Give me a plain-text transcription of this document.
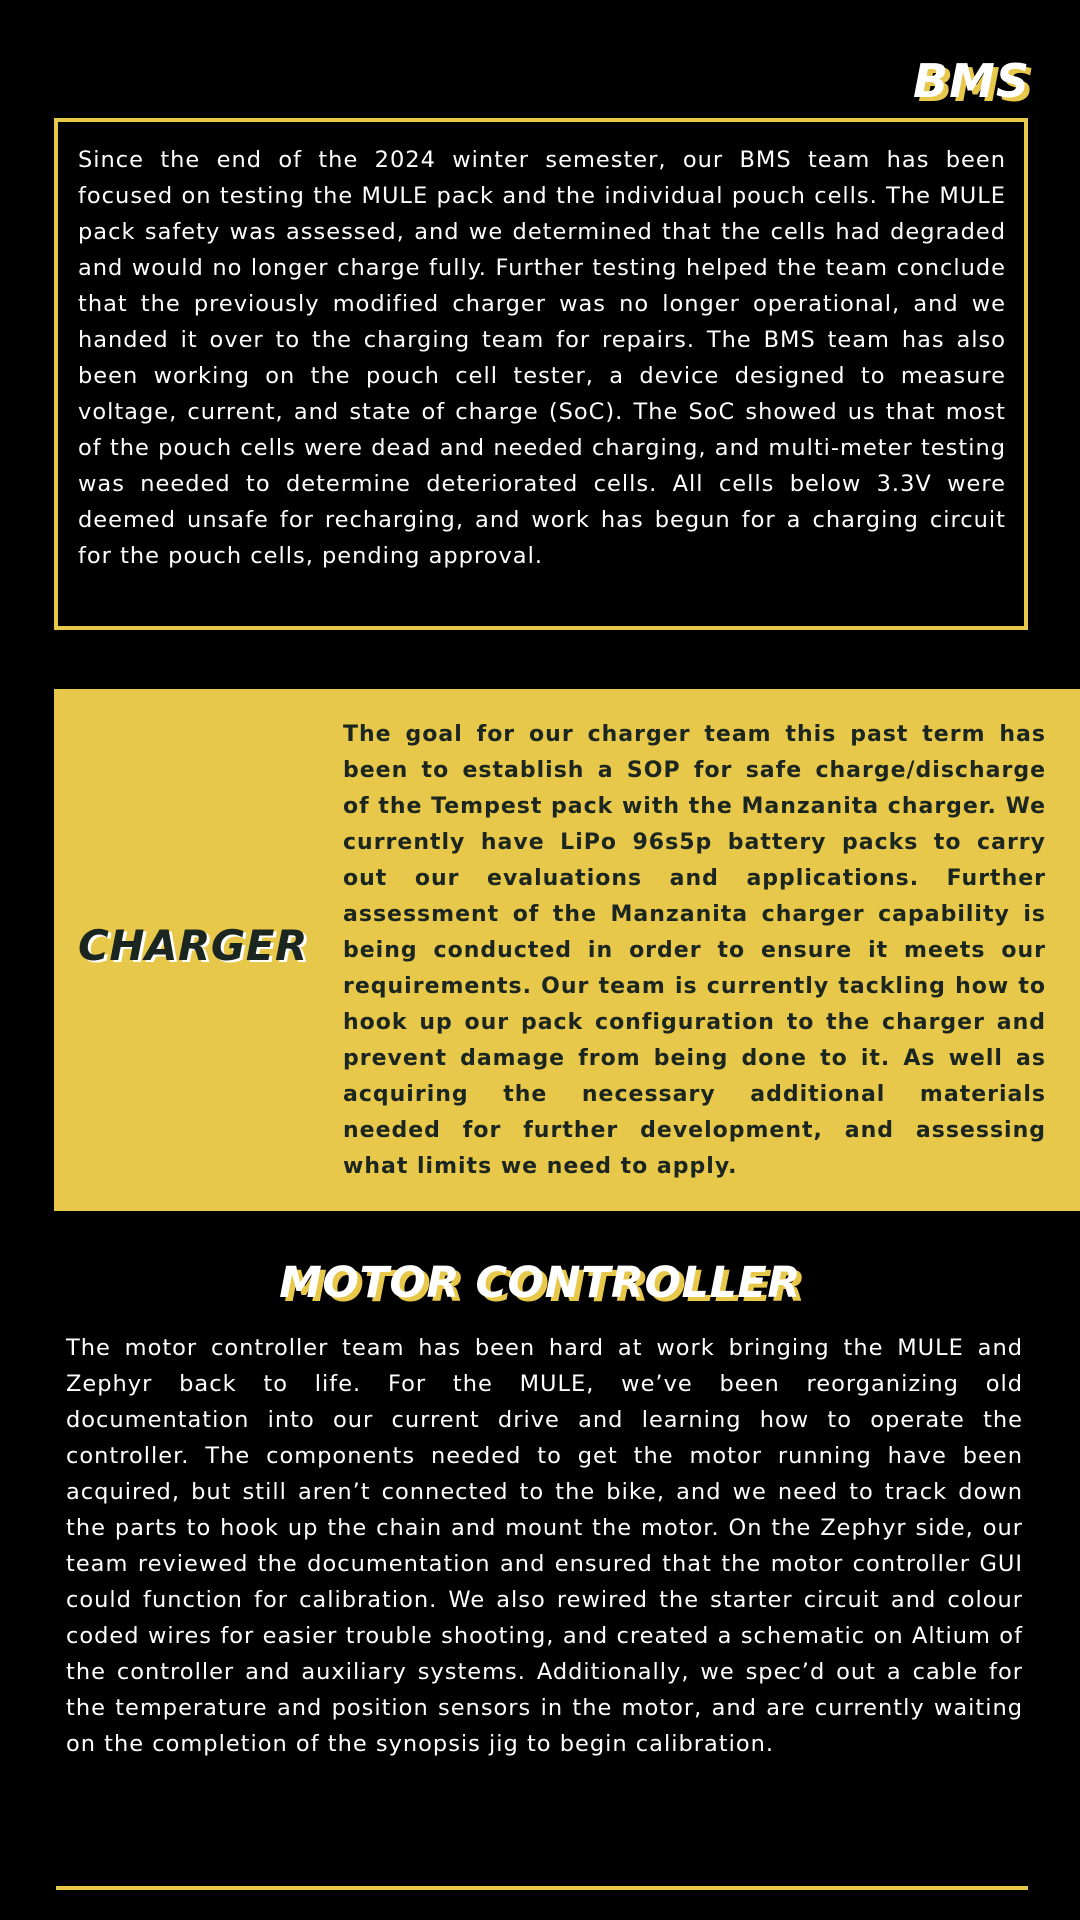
BMS

Since the end of the 2024 winter semester, our BMS team has been focused on testing the MULE pack and the individual pouch cells. The MULE pack safety was assessed, and we determined that the cells had degraded and would no longer charge fully. Further testing helped the team conclude that the previously modified charger was no longer operational, and we handed it over to the charging team for repairs. The BMS team has also been working on the pouch cell tester, a device designed to measure voltage, current, and state of charge (SoC). The SoC showed us that most of the pouch cells were dead and needed charging, and multi-meter testing was needed to determine deteriorated cells. All cells below 3.3V were deemed unsafe for recharging, and work has begun for a charging circuit for the pouch cells, pending approval.

CHARGER

The goal for our charger team this past term has been to establish a SOP for safe charge/discharge of the Tempest pack with the Manzanita charger. We currently have LiPo 96s5p battery packs to carry out our evaluations and applications. Further assessment of the Manzanita charger capability is being conducted in order to ensure it meets our requirements. Our team is currently tackling how to hook up our pack configuration to the charger and prevent damage from being done to it. As well as acquiring the necessary additional materials needed for further development, and assessing what limits we need to apply.

MOTOR CONTROLLER

The motor controller team has been hard at work bringing the MULE and Zephyr back to life. For the MULE, we’ve been reorganizing old documentation into our current drive and learning how to operate the controller. The components needed to get the motor running have been acquired, but still aren’t connected to the bike, and we need to track down the parts to hook up the chain and mount the motor. On the Zephyr side, our team reviewed the documentation and ensured that the motor controller GUI could function for calibration. We also rewired the starter circuit and colour coded wires for easier trouble shooting, and created a schematic on Altium of the controller and auxiliary systems. Additionally, we spec’d out a cable for the temperature and position sensors in the motor, and are currently waiting on the completion of the synopsis jig to begin calibration.
